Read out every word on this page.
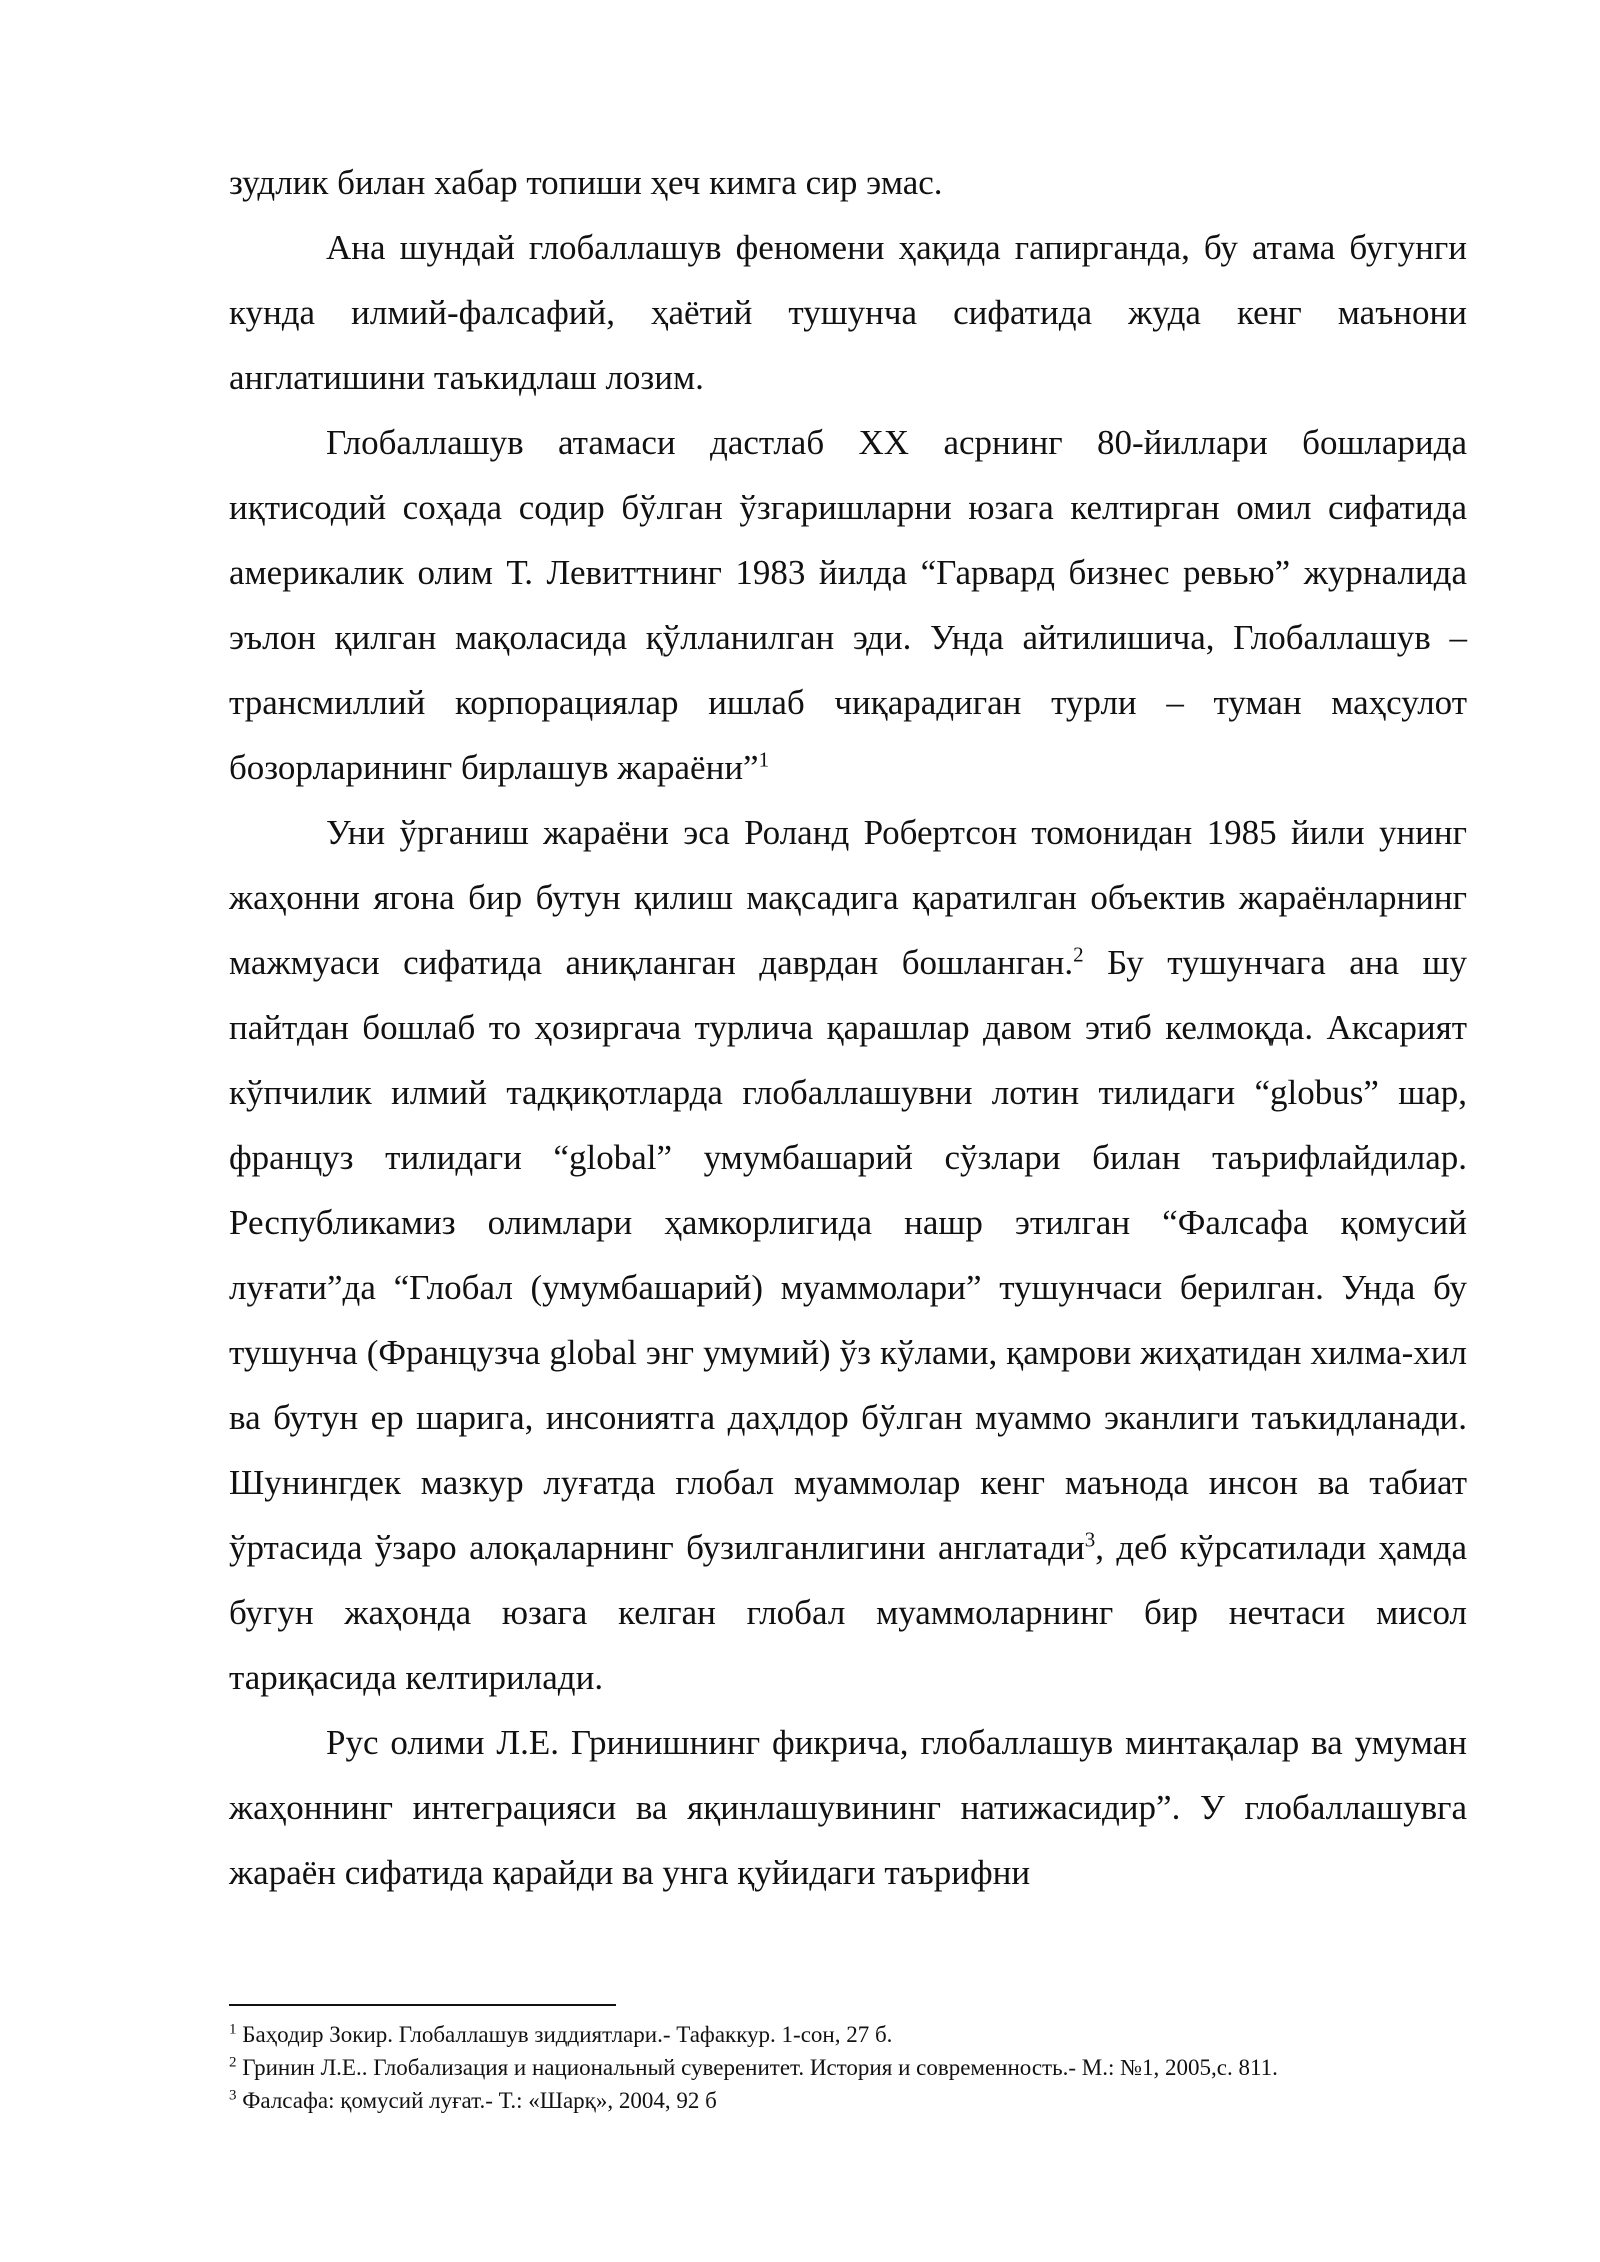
зудлик билан хабар топиши ҳеч кимга сир эмас.

Ана шундай глобаллашув феномени ҳақида гапирганда, бу атама бугунги кунда илмий-фалсафий, ҳаётий тушунча сифатида жуда кенг маънони англатишини таъкидлаш лозим.

Глобаллашув атамаси дастлаб XX асрнинг 80-йиллари бошларида иқтисодий соҳада содир бўлган ўзгаришларни юзага келтирган омил сифатида америкалик олим Т. Левиттнинг 1983 йилда “Гарвард бизнес ревью” журналида эълон қилган мақоласида қўлланилган эди. Унда айтилишича, Глобаллашув – трансмиллий корпорациялар ишлаб чиқарадиган турли – туман маҳсулот бозорларининг бирлашув жараёни”$^1$

Уни ўрганиш жараёни эса Роланд Робертсон томонидан 1985 йили унинг жаҳонни ягона бир бутун қилиш мақсадига қаратилган объектив жараёнларнинг мажмуаси сифатида аниқланган даврдан бошланган.$^2$ Бу тушунчага ана шу пайтдан бошлаб то ҳозиргача турлича қарашлар давом этиб келмоқда. Аксарият кўпчилик илмий тадқиқотларда глобаллашувни лотин тилидаги “globus” шар, француз тилидаги “global” умумбашарий сўзлари билан таърифлайдилар. Республикамиз олимлари ҳамкорлигида нашр этилган “Фалсафа қомусий луғати”да “Глобал (умумбашарий) муаммолари” тушунчаси берилган. Унда бу тушунча (Французча global энг умумий) ўз кўлами, қамрови жиҳатидан хилма-хил ва бутун ер шарига, инсониятга даҳлдор бўлган муаммо эканлиги таъкидланади. Шунингдек мазкур луғатда глобал муаммолар кенг маънода инсон ва табиат ўртасида ўзаро алоқаларнинг бузилганлигини англатади$^3$, деб кўрсатилади ҳамда бугун жаҳонда юзага келган глобал муаммоларнинг бир нечтаси мисол тариқасида келтирилади.

Рус олими Л.Е. Гринишнинг фикрича, глобаллашув минтақалар ва умуман жаҳоннинг интеграцияси ва яқинлашувининг натижасидир”. У глобаллашувга жараён сифатида қарайди ва унга қуйидаги таърифни

$^1$ Баҳодир Зокир. Глобаллашув зиддиятлари.- Тафаккур. 1-сон, 27 б.

$^2$ Гринин Л.Е.. Глобализация и национальный суверенитет. История и современность.- М.: №1, 2005,с. 811.

$^3$ Фалсафа: қомусий луғат.- Т.: «Шарқ», 2004, 92 б
